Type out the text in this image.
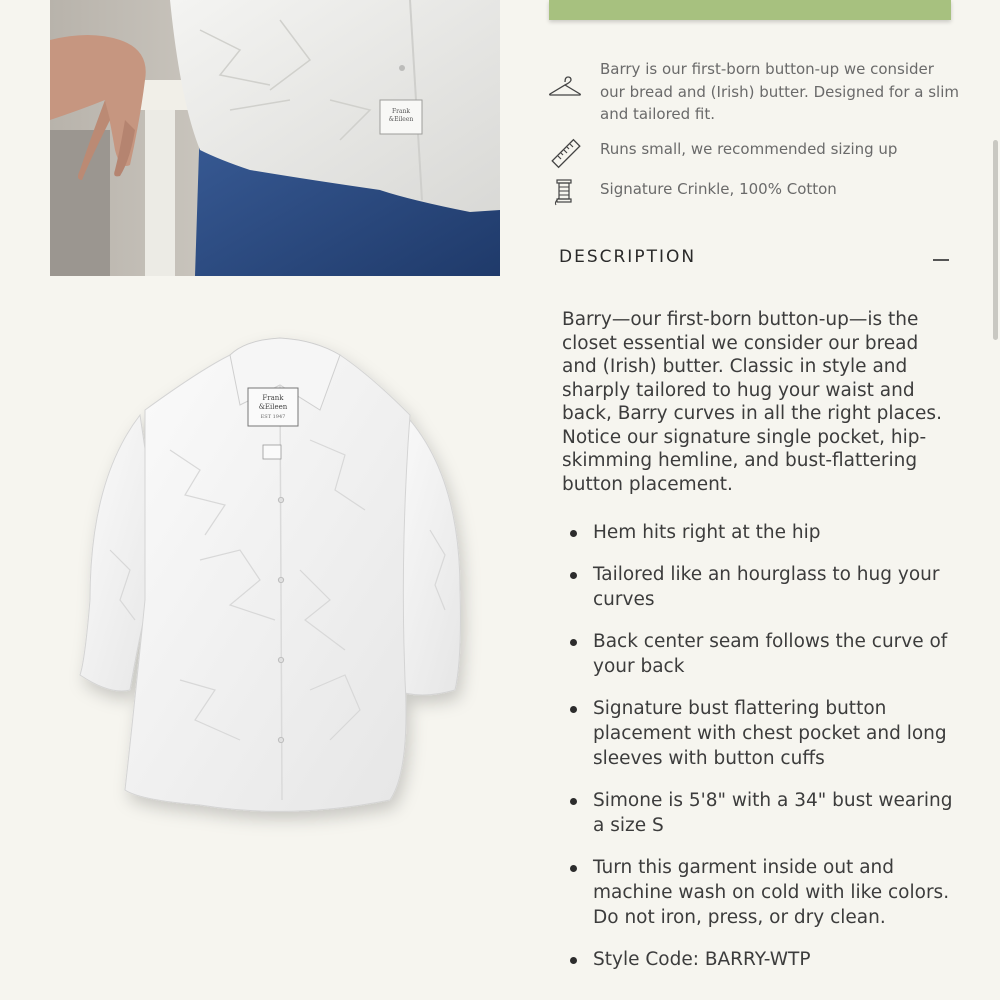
Frank
&Eileen
Frank
&Eileen
EST 1947
Barry is our first-born button-up we consider our bread and (Irish) butter. Designed for a slim and tailored fit.
Runs small, we recommended sizing up
Signature Crinkle, 100% Cotton
DESCRIPTION

Barry—our first-born button-up—is the closet essential we consider our bread and (Irish) butter. Classic in style and sharply tailored to hug your waist and back, Barry curves in all the right places. Notice our signature single pocket, hip-skimming hemline, and bust-flattering button placement.

Hem hits right at the hip
Tailored like an hourglass to hug your curves
Back center seam follows the curve of your back
Signature bust flattering button placement with chest pocket and long sleeves with button cuffs
Simone is 5'8" with a 34" bust wearing a size S
Turn this garment inside out and machine wash on cold with like colors. Do not iron, press, or dry clean.
Style Code: BARRY-WTP
